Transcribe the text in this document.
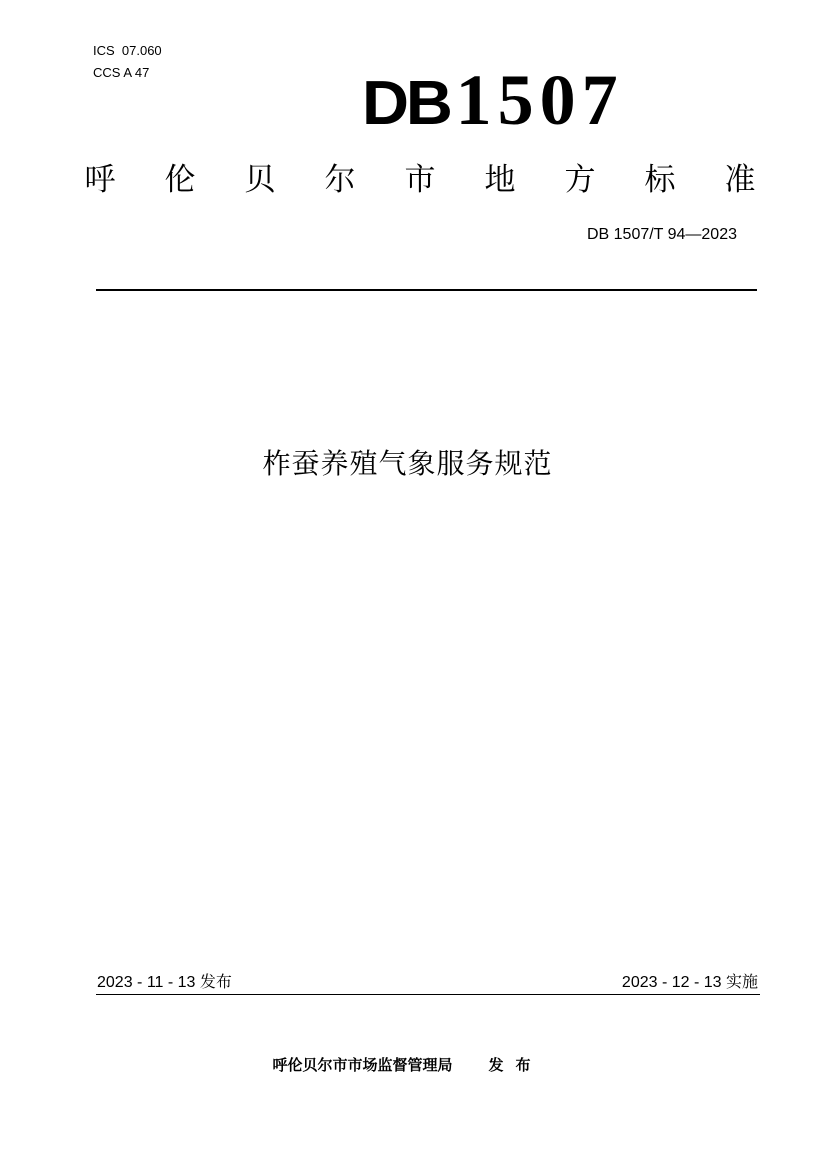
ICS  07.060
CCS A 47	DB 1507
呼 伦 贝 尔 市 地 方 标 准
DB 1507/T 94—2023
柞蚕养殖气象服务规范
2023 - 11 - 13 发布	2023 - 12 - 13 实施
呼伦贝尔市市场监督管理局 发布
